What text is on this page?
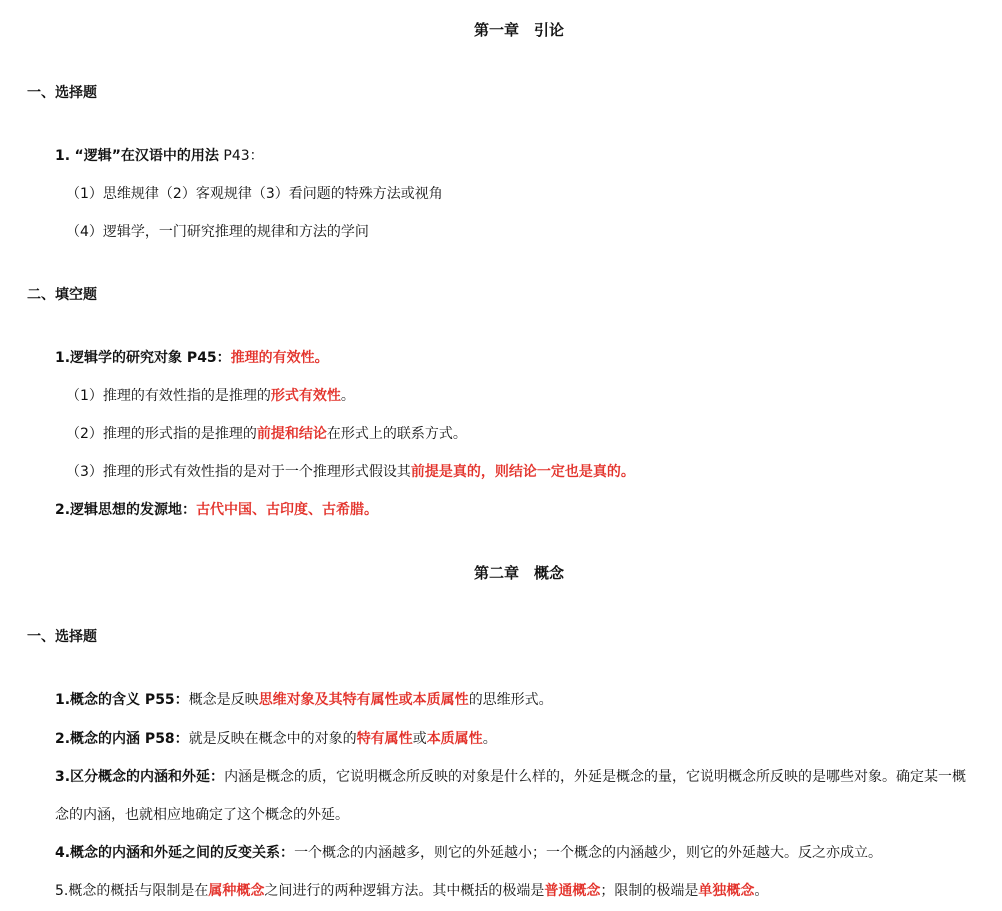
第一章　引论
一、选择题
1. “逻辑”在汉语中的用法 P43：
（1）思维规律（2）客观规律（3）看问题的特殊方法或视角
（4）逻辑学，一门研究推理的规律和方法的学问
二、填空题
1.逻辑学的研究对象 P45：推理的有效性。
（1）推理的有效性指的是推理的形式有效性。
（2）推理的形式指的是推理的前提和结论在形式上的联系方式。
（3）推理的形式有效性指的是对于一个推理形式假设其前提是真的，则结论一定也是真的。
2.逻辑思想的发源地：古代中国、古印度、古希腊。
第二章　概念
一、选择题
1.概念的含义 P55：概念是反映思维对象及其特有属性或本质属性的思维形式。
2.概念的内涵 P58：就是反映在概念中的对象的特有属性或本质属性。
3.区分概念的内涵和外延：内涵是概念的质，它说明概念所反映的对象是什么样的，外延是概念的量，它说明概念所反映的是哪些对象。确定某一概
念的内涵，也就相应地确定了这个概念的外延。
4.概念的内涵和外延之间的反变关系：一个概念的内涵越多，则它的外延越小；一个概念的内涵越少，则它的外延越大。反之亦成立。
5.概念的概括与限制是在属种概念之间进行的两种逻辑方法。其中概括的极端是普通概念；限制的极端是单独概念。
